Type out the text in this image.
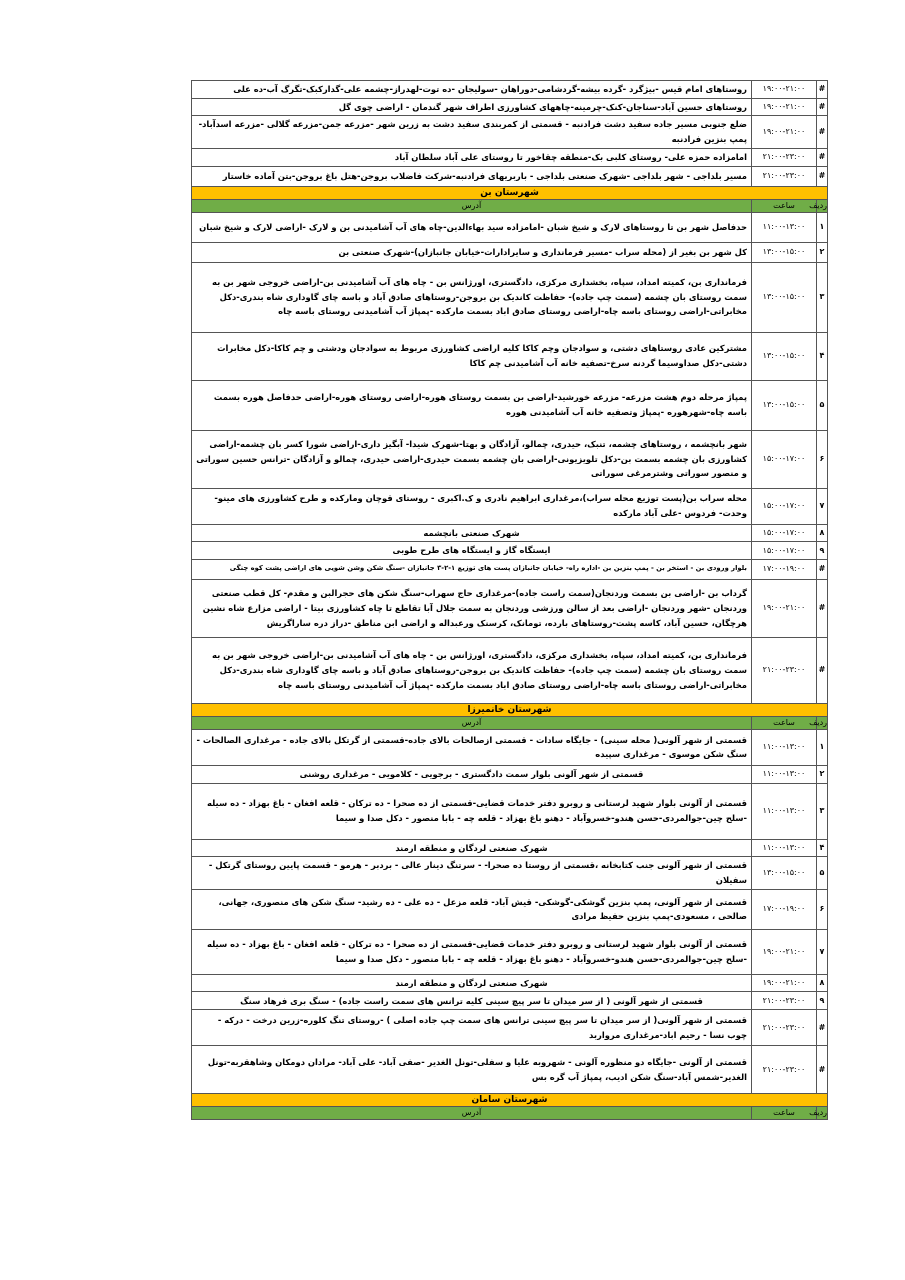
#	۱۹:۰۰-۲۱:۰۰	روستاهای امام قیس -بیژگرد -گرده بیشه-گردشامی-دوراهان -سولیجان -ده توت-لهدراز-چشمه علی-گدارکبک-تگرگ آب-ده علی
#	۱۹:۰۰-۲۱:۰۰	روستاهای حسین آباد-سناجان-کنک-چرمینه-چاههای کشاورزی اطراف شهر گندمان - اراضی چوی گل
#	۱۹:۰۰-۲۱:۰۰	ضلع جنوبی مسیر جاده سفید دشت فرادنبه - قسمتی از کمربندی سفید دشت به زرین شهر -مزرعه جمن-مزرعه گلالی -مزرعه اسدآباد-پمپ بنزین فرادنبه
#	۲۱:۰۰-۲۳:۰۰	امامزاده حمزه علی- روستای کلبی بک-منطقه چقاخور تا روستای علی آباد سلطان آباد
#	۲۱:۰۰-۲۳:۰۰	مسیر بلداجی - شهر بلداجی -شهرک صنعتی بلداجی - باربریهای فرادنبه-شرکت فاضلاب بروجن-هتل باغ بروجن-بتن آماده خاستار
شهرستان بن		
ردیف	ساعت	آدرس
۱	۱۱:۰۰-۱۳:۰۰	حدفاصل شهر بن تا روستاهای لارک و شیخ شبان -امامزاده سید بهاءالدین-چاه های آب آشامیدنی بن و لارک -اراضی لارک و شیخ شبان
۲	۱۳:۰۰-۱۵:۰۰	کل شهر بن بغیر از (محله سراب -مسیر فرمانداری و سایرادارات-خیابان جانبازان)-شهرک صنعتی بن
۳	۱۳:۰۰-۱۵:۰۰	فرمانداری بن، کمیته امداد، سپاه، بخشداری مرکزی، دادگستری، اورژانس بن - چاه های آب آشامیدنی بن-اراضی خروجی شهر بن به سمت روستای بان چشمه (سمت چپ جاده)- حفاظت کاندیک بن بروجن-روستاهای صادق آباد و باسه چای گاوداری شاه بندری-دکل مخابراتی-اراضی روستای باسه چاه-اراضی روستای صادق اباد بسمت مارکده -پمپاژ آب آشامیدنی روستای باسه چاه
۴	۱۳:۰۰-۱۵:۰۰	مشترکین عادی روستاهای دشتی، و سوادجان وچم کاکا کلیه اراضی کشاورزی مربوط به سوادجان ودشتی و چم کاکا-دکل مخابرات دشتی-دکل صداوسیما گردنه سرخ-تصفیه خانه آب آشامیدنی چم کاکا
۵	۱۳:۰۰-۱۵:۰۰	پمپاژ مرحله دوم هشت مزرعه- مزرعه خورشید-اراضی بن بسمت روستای هوره-اراضی روستای هوره-اراضی حدفاصل هوره بسمت باسه چاه-شهرهوره -پمپاژ وتصفیه خانه آب آشامیدنی هوره
۶	۱۵:۰۰-۱۷:۰۰	شهر بانچشمه ، روستاهای چشمه، تنبک، حیدری، چمالو، آزادگان و بهتا-شهرک شیدا- آبگیز داری-اراضی شورا کسر بان چشمه-اراضی کشاورزی بان چشمه بسمت بن-دکل تلویزیونی-اراضی بان چشمه بسمت حیدری-اراضی حیدری، چمالو و آزادگان -ترانس حسین سوراتی و منصور سوراتی وشترمرغی سوراتی
۷	۱۵:۰۰-۱۷:۰۰	محله سراب بن(پست توزیع محله سراب)،مرغداری ابراهیم نادری و ک.اکبری - روستای قوچان ومارکده و طرح کشاورزی های مینو- وحدت- فردوس -علی آباد مارکده
۸	۱۵:۰۰-۱۷:۰۰	شهرک صنعتی بانچشمه
۹	۱۵:۰۰-۱۷:۰۰	ایستگاه گاز و ایستگاه های طرح طوبی
#	۱۷:۰۰-۱۹:۰۰	بلوار ورودی بن - استخر بن - پمپ بنزین بن -اداره راه- خیابان جانبازان پست های توزیع ۱-۲-۳ جانبازان -سنگ شکن وشن شویی های اراضی پشت کوه چنگی
#	۱۹:۰۰-۲۱:۰۰	گرداب بن -اراضی بن بسمت وردنجان(سمت راست جاده)-مرغداری حاج سهراب-سنگ شکن های حجرالبن و مقدم- کل قطب صنعتی وردنجان -شهر وردنجان -اراضی بعد از سالن ورزشی وردنجان به سمت جلال آبا تقاطع تا چاه کشاورزی بیتا - اراضی مزارع شاه نشین هرچگان، حسین آباد، کاسه پشت-روستاهای بارده، تومانک، کرسنک ورعبداله و اراضی ابن مناطق -دراز دره ساراگریش
#	۲۱:۰۰-۲۳:۰۰	فرمانداری بن، کمیته امداد، سپاه، بخشداری مرکزی، دادگستری، اورژانس بن - چاه های آب آشامیدنی بن-اراضی خروجی شهر بن به سمت روستای بان چشمه (سمت چپ جاده)- حفاظت کاندیک بن بروجن-روستاهای صادق آباد و باسه چای گاوداری شاه بندری-دکل مخابراتی-اراضی روستای باسه چاه-اراضی روستای صادق اباد بسمت مارکده -پمپاژ آب آشامیدنی روستای باسه چاه
شهرستان خانمیرزا		
ردیف	ساعت	آدرس
۱	۱۱:۰۰-۱۳:۰۰	قسمتی از شهر آلونی( محله سینی) - جایگاه سادات - قسمتی ازصالحات بالای جاده-قسمتی از گرتکل بالای جاده - مرغداری الصالحات - سنگ شکن موسوی - مرغداری سپیده
۲	۱۱:۰۰-۱۳:۰۰	قسمتی از شهر آلونی بلوار سمت دادگستری - برجویی - کلامویی - مرغداری روشنی
۳	۱۱:۰۰-۱۳:۰۰	قسمتی از آلونی بلوار شهید لرستانی و روبرو دفتر خدمات قضایی-قسمتی از ده صحرا - ده ترکان - قلعه افغان - باغ بهزاد - ده سیله -سلح چین-جوالمردی-حسن هندو-خسروآباد - دهنو باغ بهزاد - قلعه چه - بابا منصور - دکل صدا و سیما
۴	۱۱:۰۰-۱۳:۰۰	شهرک صنعتی لردگان و منطقه ارمند
۵	۱۳:۰۰-۱۵:۰۰	قسمتی از شهر آلونی جنب کتابخانه ،قسمتی از روستا ده صحرا- - سرتنگ دینار عالی - بردبر - هرمو - قسمت پایین روستای گرتکل - سفیلان
۶	۱۷:۰۰-۱۹:۰۰	قسمتی از شهر آلونی، پمپ بنزین گوشکی-گوشکی- قیش آباد- قلعه مزعل - ده علی - ده رشید- سنگ شکن های منصوری، جهانی، صالحی ، مسعودی-پمپ بنزین حفیظ مرادی
۷	۱۹:۰۰-۲۱:۰۰	قسمتی از آلونی بلوار شهید لرستانی و روبرو دفتر خدمات قضایی-قسمتی از ده صحرا - ده ترکان - قلعه افغان - باغ بهزاد - ده سیله -سلح چین-جوالمردی-حسن هندو-خسروآباد - دهنو باغ بهزاد - قلعه چه - بابا منصور - دکل صدا و سیما
۸	۱۹:۰۰-۲۱:۰۰	شهرک صنعتی لردگان و منطقه ارمند
۹	۲۱:۰۰-۲۳:۰۰	قسمتی از شهر آلونی ( از سر میدان تا سر پیچ سینی کلیه ترانس های سمت راست جاده) - سنگ بری فرهاد سنگ
#	۲۱:۰۰-۲۳:۰۰	قسمتی از شهر آلونی( از سر میدان تا سر پیچ سینی ترانس های سمت چپ جاده اصلی ) -روستای تنگ کلوره-زرین درخت - درکه - چوب نسا - رحیم اباد-مرغداری مرواربد
#	۲۱:۰۰-۲۳:۰۰	قسمتی از آلونی -جایگاه دو منظوره آلونی - شهروبه علیا و سفلی-تونل الغدیر -صفی آباد- علی آباد- مرادان دومکان وشاهقربه-تونل الغدیر-شمس آباد-سنگ شکن ادیب، پمپاژ آب گره بس
شهرستان سامان		
ردیف	ساعت	آدرس
